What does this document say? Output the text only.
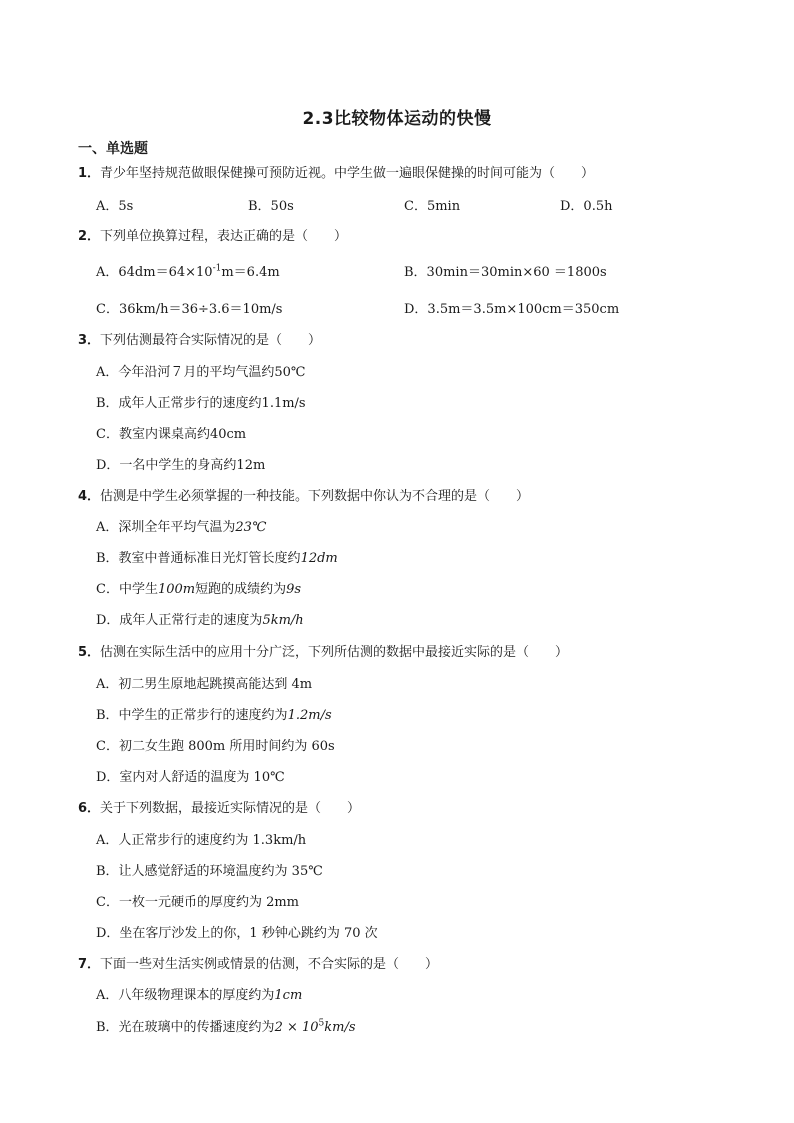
2.3比较物体运动的快慢
一、单选题
1．青少年坚持规范做眼保健操可预防近视。中学生做一遍眼保健操的时间可能为（　　）
A．5s	B．50s	C．5min	D．0.5h
2．下列单位换算过程，表达正确的是（　　）
A．$64dm=64\times 10^{-1}m=6.4m$	B．30min＝30min×60 ＝1800s
C．36km/h＝36÷3.6＝10m/s	D．3.5m＝3.5m×100cm＝350cm
3．下列估测最符合实际情况的是（　　）
A．今年沿河７月的平均气温约50℃
B．成年人正常步行的速度约1.1m/s
C．教室内课桌高约40cm
D．一名中学生的身高约12m
4．估测是中学生必须掌握的一种技能。下列数据中你认为不合理的是（　　）
A．深圳全年平均气温为23℃
B．教室中普通标准日光灯管长度约12dm
C．中学生100m短跑的成绩约为9s
D．成年人正常行走的速度为5km/h
5．估测在实际生活中的应用十分广泛，下列所估测的数据中最接近实际的是（　　）
A．初二男生原地起跳摸高能达到 4m
B．中学生的正常步行的速度约为1.2m/s
C．初二女生跑 800m 所用时间约为 60s
D．室内对人舒适的温度为 10℃
6．关于下列数据，最接近实际情况的是（　　）
A．人正常步行的速度约为 1.3km/h
B．让人感觉舒适的环境温度约为 35℃
C．一枚一元硬币的厚度约为 2mm
D．坐在客厅沙发上的你，1 秒钟心跳约为 70 次
7．下面一些对生活实例或情景的估测，不合实际的是（　　）
A．八年级物理课本的厚度约为1cm
B．光在玻璃中的传播速度约为$2 \times 10^5km/s$
